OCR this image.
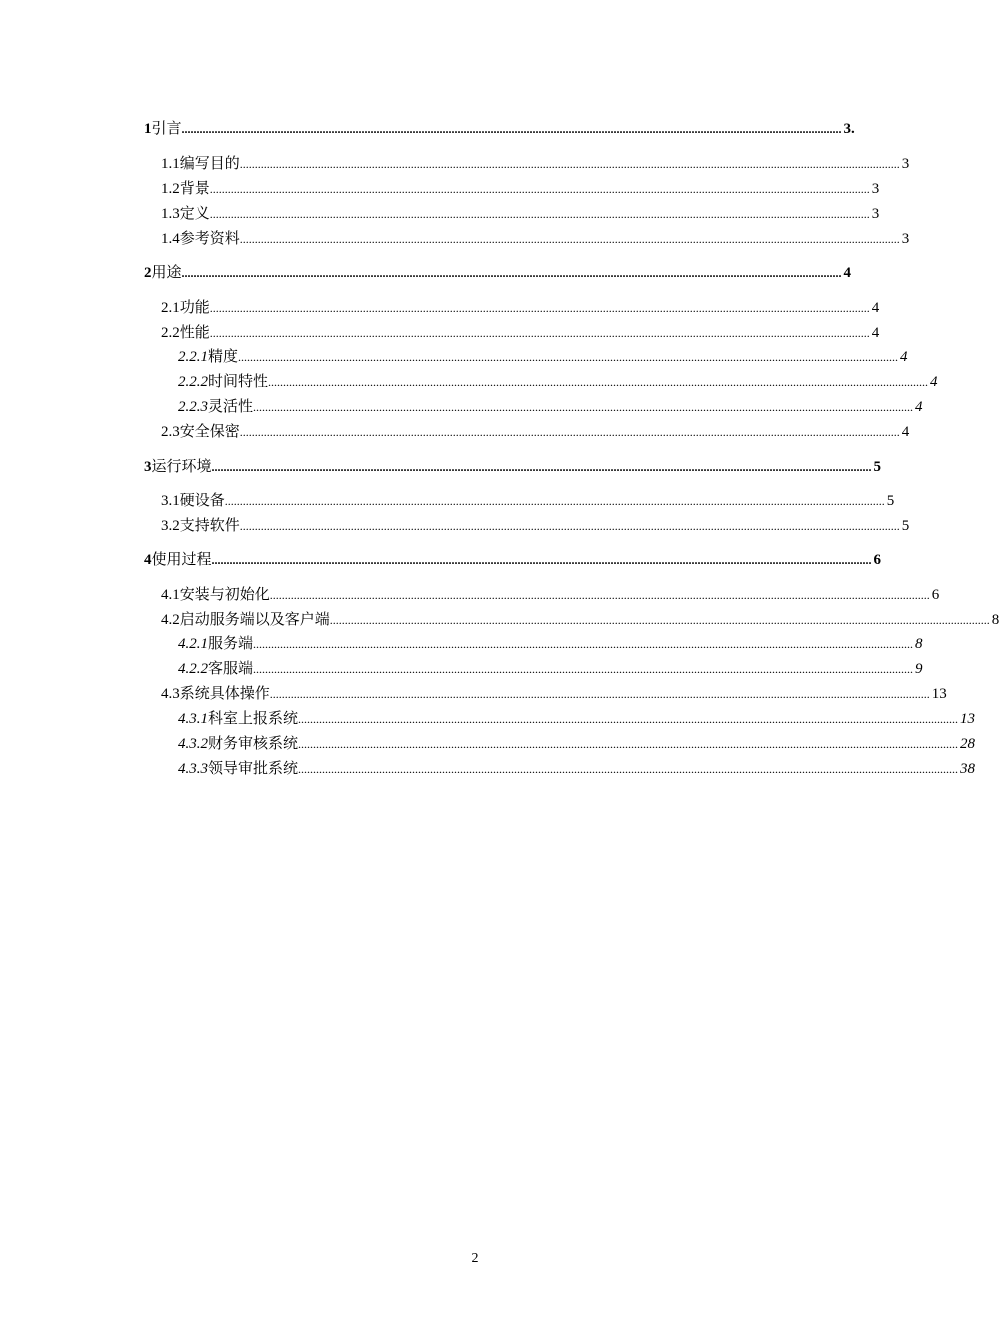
1 引言 ............................................................................................................................................................................................................................ 3.
1.1 编写目的 ............................................................................................................................................................................................................................ 3
1.2 背景 ............................................................................................................................................................................................................................ 3
1.3 定义 ............................................................................................................................................................................................................................ 3
1.4 参考资料 ............................................................................................................................................................................................................................ 3
2 用途 ............................................................................................................................................................................................................................ 4
2.1 功能 ............................................................................................................................................................................................................................ 4
2.2 性能 ............................................................................................................................................................................................................................ 4
2.2.1 精度 ............................................................................................................................................................................................................................ 4
2.2.2 时间特性 ............................................................................................................................................................................................................................ 4
2.2.3 灵活性 ............................................................................................................................................................................................................................ 4
2.3 安全保密 ............................................................................................................................................................................................................................ 4
3 运行环境 ............................................................................................................................................................................................................................ 5
3.1 硬设备 ............................................................................................................................................................................................................................ 5
3.2 支持软件 ............................................................................................................................................................................................................................ 5
4 使用过程 ............................................................................................................................................................................................................................ 6
4.1 安装与初始化 ............................................................................................................................................................................................................................ 6
4.2 启动服务端以及客户端 ............................................................................................................................................................................................................................ 8
4.2.1 服务端 ............................................................................................................................................................................................................................ 8
4.2.2 客服端 ............................................................................................................................................................................................................................ 9
4.3 系统具体操作 ............................................................................................................................................................................................................................ 13
4.3.1 科室上报系统 ............................................................................................................................................................................................................................ 13
4.3.2 财务审核系统 ............................................................................................................................................................................................................................ 28
4.3.3 领导审批系统 ............................................................................................................................................................................................................................ 38
2
